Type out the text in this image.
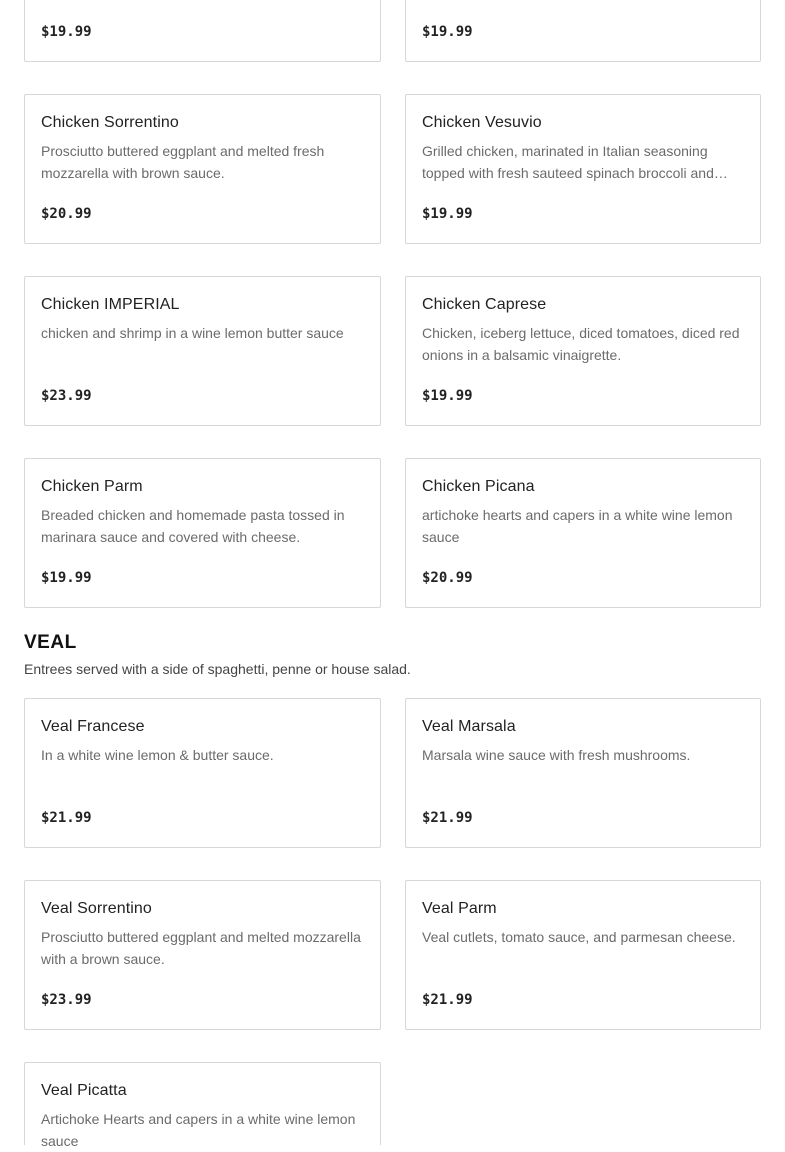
$19.99	$19.99
Chicken Sorrentino
Prosciutto buttered eggplant and melted fresh mozzarella with brown sauce.
$20.99
Chicken Vesuvio
Grilled chicken, marinated in Italian seasoning topped with fresh sauteed spinach broccoli and…
$19.99
Chicken IMPERIAL
chicken and shrimp in a wine lemon butter sauce
$23.99
Chicken Caprese
Chicken, iceberg lettuce, diced tomatoes, diced red onions in a balsamic vinaigrette.
$19.99
Chicken Parm
Breaded chicken and homemade pasta tossed in marinara sauce and covered with cheese.
$19.99
Chicken Picana
artichoke hearts and capers in a white wine lemon sauce
$20.99
VEAL
Entrees served with a side of spaghetti, penne or house salad.
Veal Francese
In a white wine lemon & butter sauce.
$21.99
Veal Marsala
Marsala wine sauce with fresh mushrooms.
$21.99
Veal Sorrentino
Prosciutto buttered eggplant and melted mozzarella with a brown sauce.
$23.99
Veal Parm
Veal cutlets, tomato sauce, and parmesan cheese.
$21.99
Veal Picatta
Artichoke Hearts and capers in a white wine lemon sauce
